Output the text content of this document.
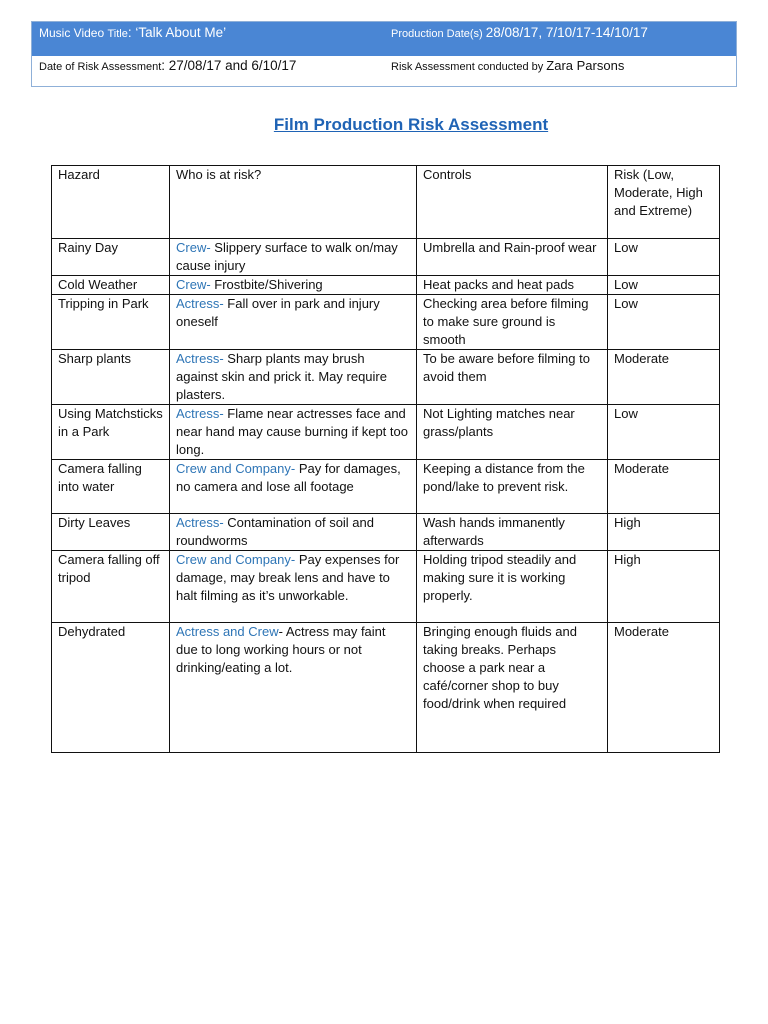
Music Video Title: ‘Talk About Me’	Production Date(s) 28/08/17, 7/10/17-14/10/17
Date of Risk Assessment: 27/08/17 and 6/10/17	Risk Assessment conducted by Zara Parsons
Film Production Risk Assessment
Hazard	Who is at risk?	Controls	Risk (Low, Moderate, High and Extreme)
Rainy Day	Crew- Slippery surface to walk on/may cause injury	Umbrella and Rain-proof wear	Low
Cold Weather	Crew- Frostbite/Shivering	Heat packs and heat pads	Low
Tripping in Park	Actress- Fall over in park and injury oneself	Checking area before filming to make sure ground is smooth	Low
Sharp plants	Actress- Sharp plants may brush against skin and prick it. May require plasters.	To be aware before filming to avoid them	Moderate
Using Matchsticks in a Park	Actress- Flame near actresses face and near hand may cause burning if kept too long.	Not Lighting matches near grass/plants	Low
Camera falling into water	Crew and Company- Pay for damages, no camera and lose all footage	Keeping a distance from the pond/lake to prevent risk.	Moderate
Dirty Leaves	Actress- Contamination of soil and roundworms	Wash hands immanently afterwards	High
Camera falling off tripod	Crew and Company- Pay expenses for damage, may break lens and have to halt filming as it’s unworkable.	Holding tripod steadily and making sure it is working properly.	High
Dehydrated	Actress and Crew- Actress may faint due to long working hours or not drinking/eating a lot.	Bringing enough fluids and taking breaks. Perhaps choose a park near a café/corner shop to buy food/drink when required	Moderate
